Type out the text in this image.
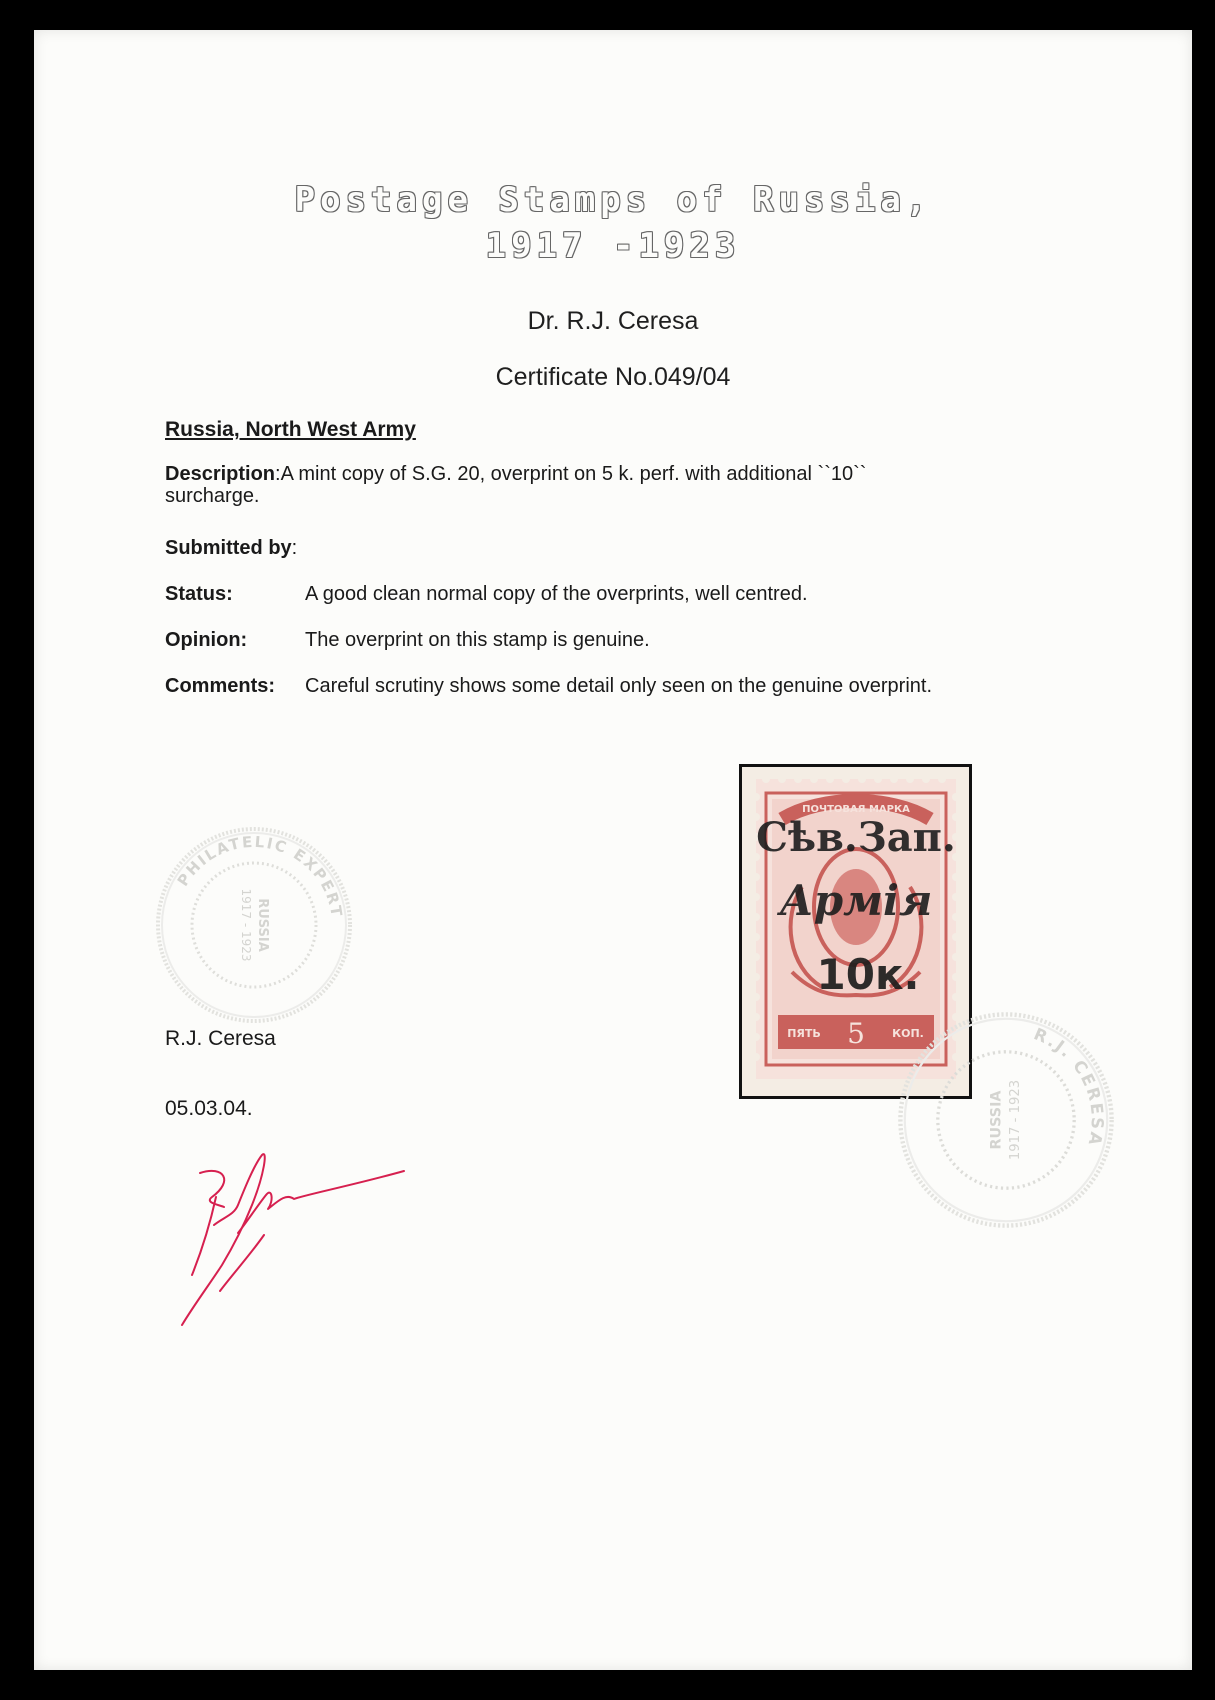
Postage Stamps of Russia,
1917 -1923
Dr. R.J. Ceresa
Certificate No.049/04
Russia, North West Army
Description:A mint copy of S.G. 20, overprint on 5 k. perf. with additional ``10``
surcharge.
Submitted by:
Status:	A good clean normal copy of the overprints, well centred.
Opinion:	The overprint on this stamp is genuine.
Comments: Careful scrutiny shows some detail only seen on the genuine overprint.
PHILATELIC EXPERT
RUSSIA
1917 - 1923
R.J. Ceresa
05.03.04.
ПОЧТОВАЯ МАРКА
ПЯТЬ 5 КОП.
Сѣв.Зап.
Армiя
10к.
R.J. CERESA
RUSSIA 1917 - 1923
